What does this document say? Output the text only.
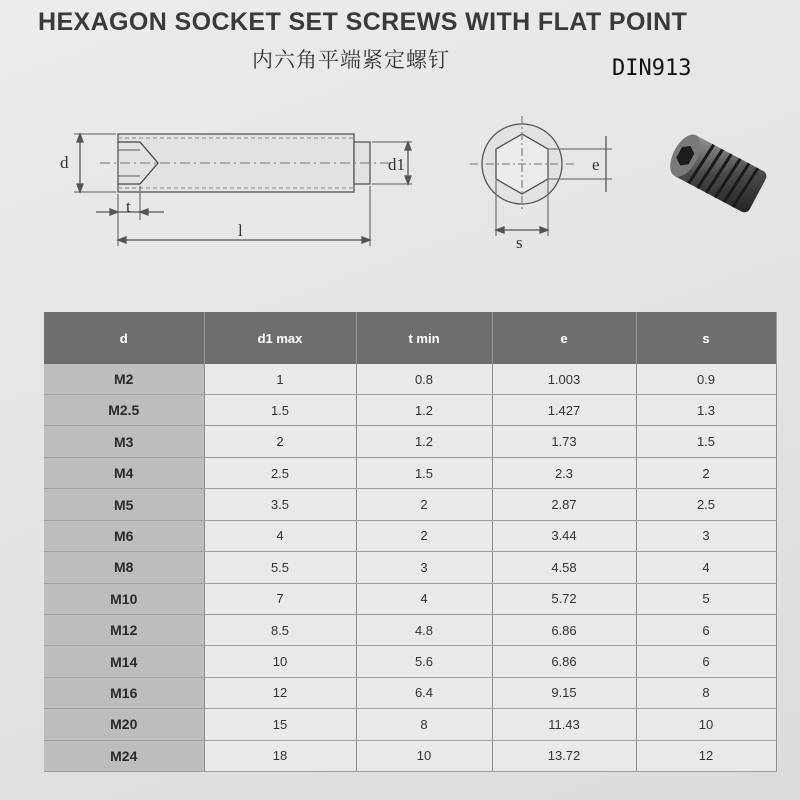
HEXAGON SOCKET SET SCREWS WITH FLAT POINT
内六角平端紧定螺钉	DIN913
d	d1
t
l
e
s
d	d1 max	t min	e	s
M2	1	0.8	1.003	0.9
M2.5	1.5	1.2	1.427	1.3
M3	2	1.2	1.73	1.5
M4	2.5	1.5	2.3	2
M5	3.5	2	2.87	2.5
M6	4	2	3.44	3
M8	5.5	3	4.58	4
M10	7	4	5.72	5
M12	8.5	4.8	6.86	6
M14	10	5.6	6.86	6
M16	12	6.4	9.15	8
M20	15	8	11.43	10
M24	18	10	13.72	12
